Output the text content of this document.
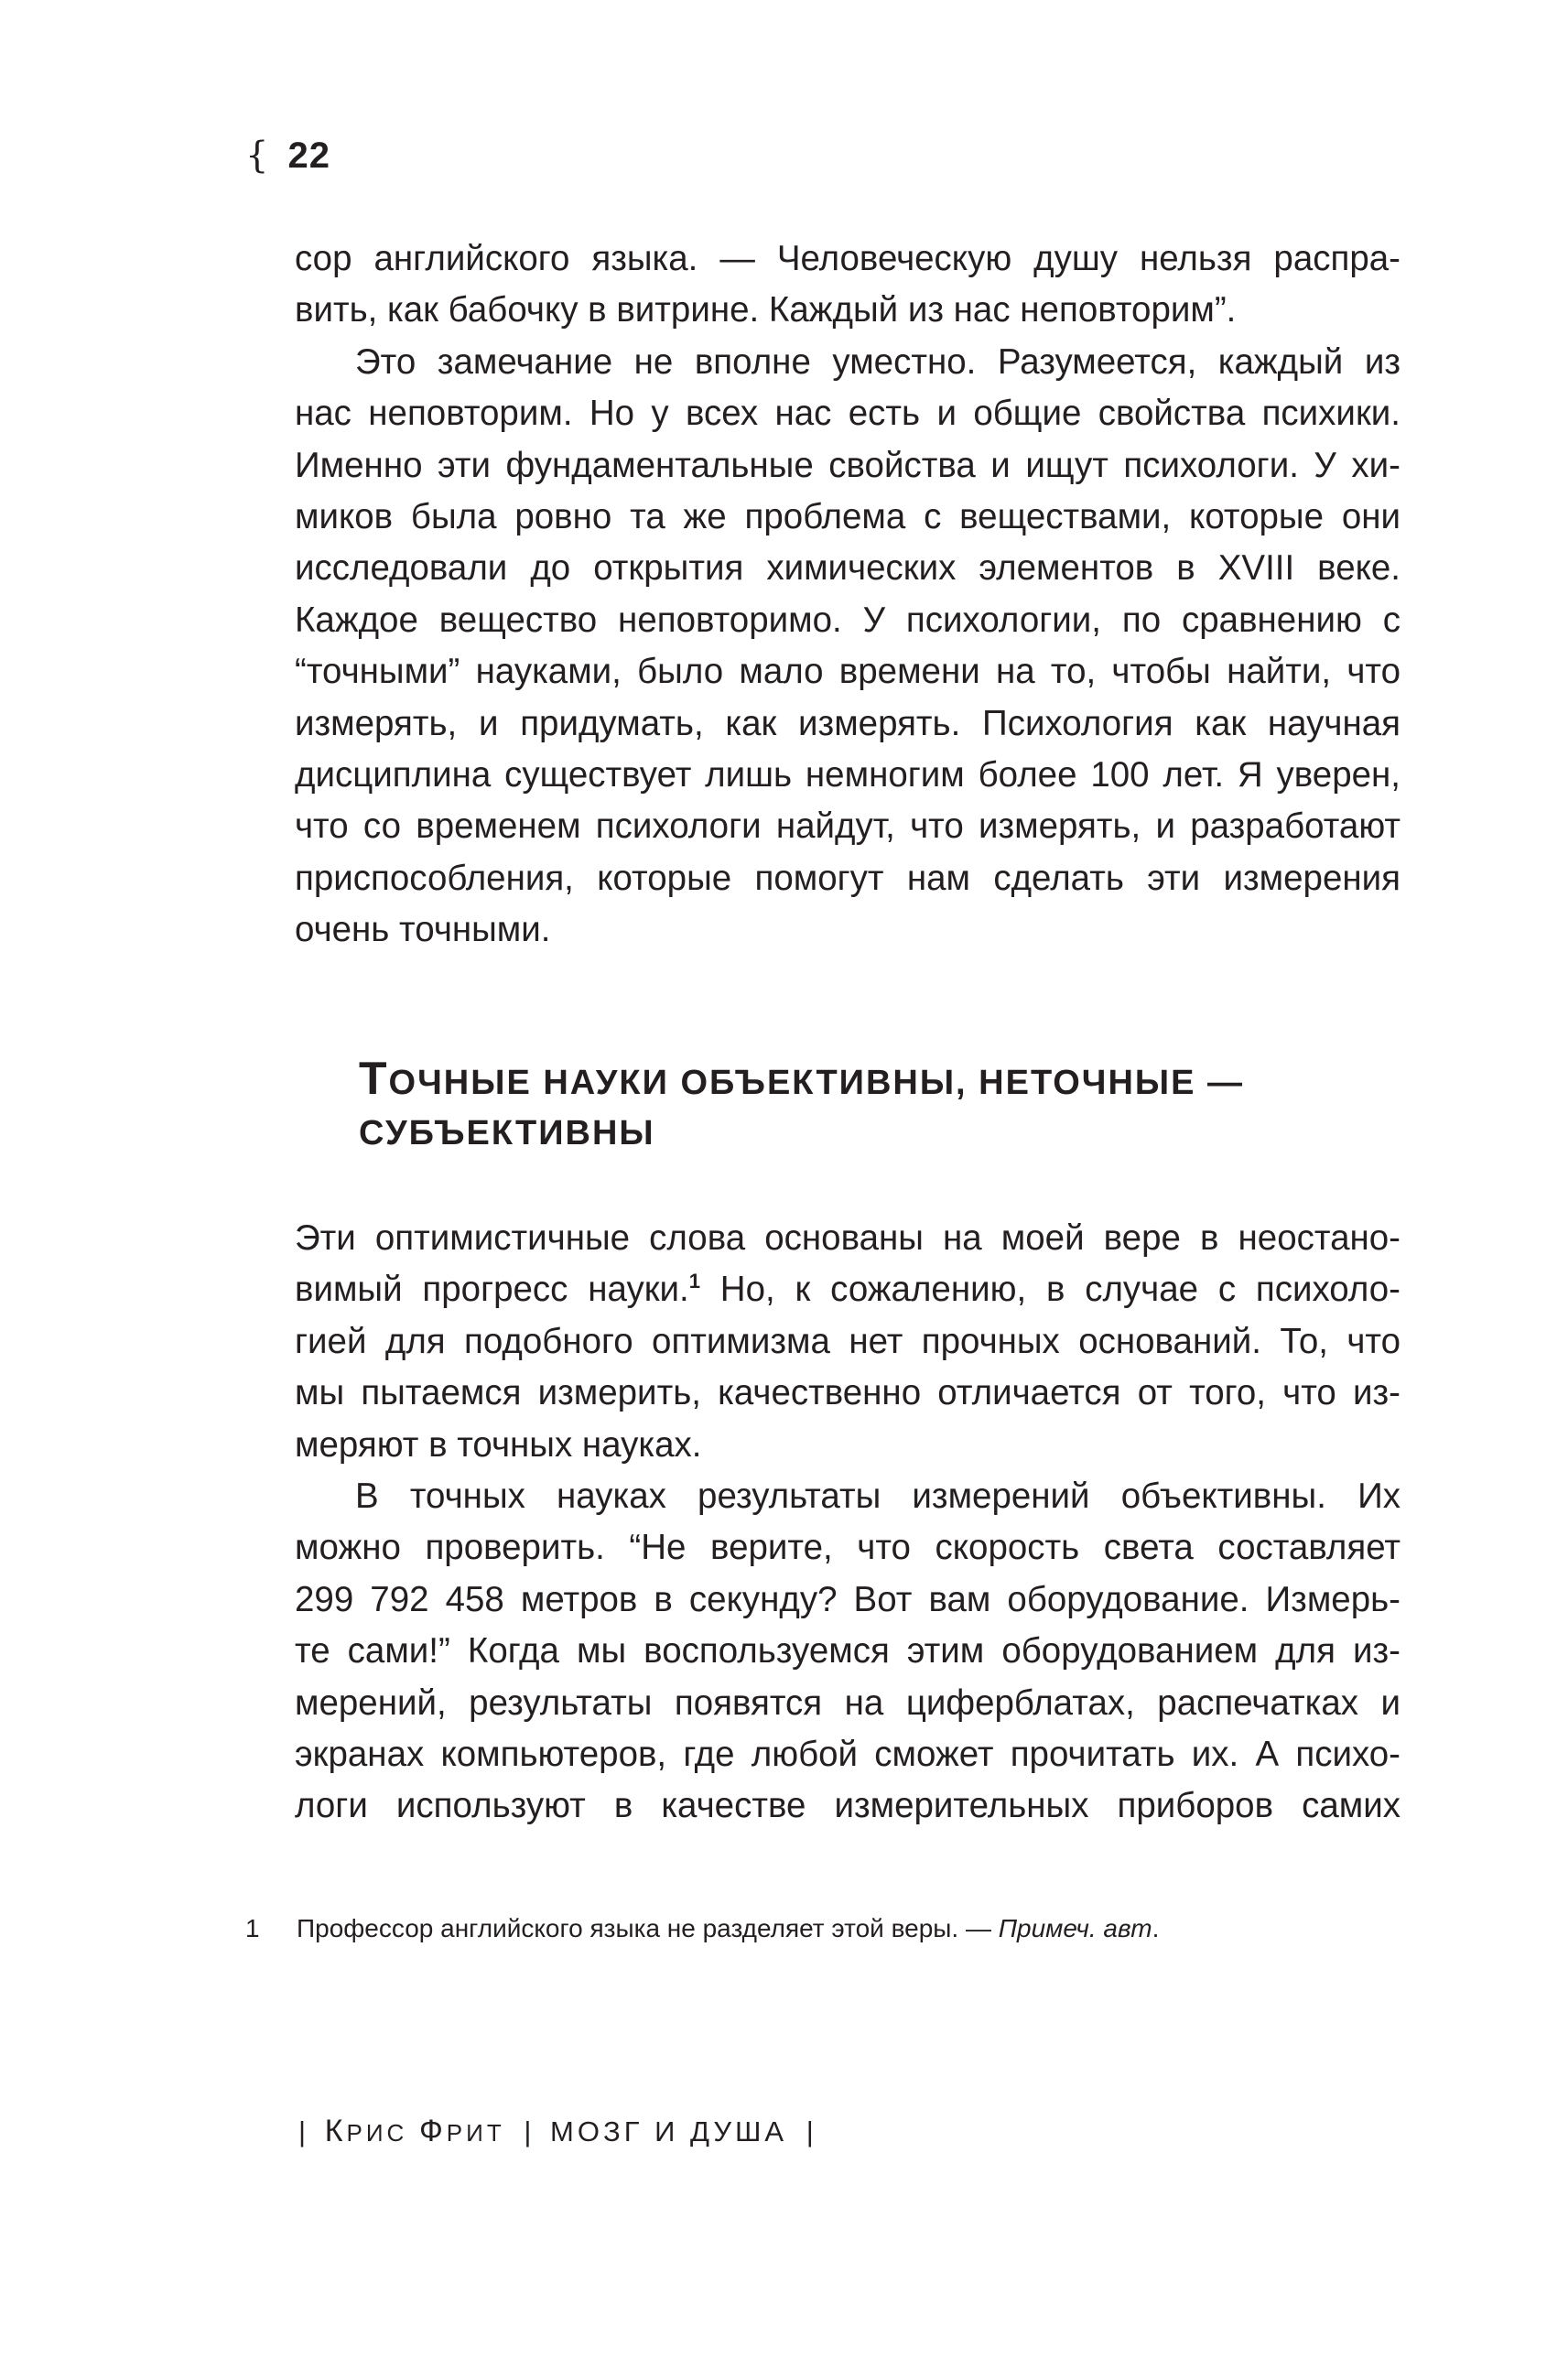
{ 22
сор английского языка. — Человеческую душу нельзя распра-
вить, как бабочку в витрине. Каждый из нас неповторим”.
Это замечание не вполне уместно. Разумеется, каждый из
нас неповторим. Но у всех нас есть и общие свойства психики.
Именно эти фундаментальные свойства и ищут психологи. У хи-
миков была ровно та же проблема с веществами, которые они
исследовали до открытия химических элементов в XVIII веке.
Каждое вещество неповторимо. У психологии, по сравнению с
“точными” науками, было мало времени на то, чтобы найти, что
измерять, и придумать, как измерять. Психология как научная
дисциплина существует лишь немногим более 100 лет. Я уверен,
что со временем психологи найдут, что измерять, и разработают
приспособления, которые помогут нам сделать эти измерения
очень точными.
ТОЧНЫЕ НАУКИ ОБЪЕКТИВНЫ, НЕТОЧНЫЕ —
СУБЪЕКТИВНЫ
Эти оптимистичные слова основаны на моей вере в неостано-
вимый прогресс науки.$^1$ Но, к сожалению, в случае с психоло-
гией для подобного оптимизма нет прочных оснований. То, что
мы пытаемся измерить, качественно отличается от того, что из-
меряют в точных науках.
В точных науках результаты измерений объективны. Их
можно проверить. “Не верите, что скорость света составляет
299 792 458 метров в секунду? Вот вам оборудование. Измерь-
те сами!” Когда мы воспользуемся этим оборудованием для из-
мерений, результаты появятся на циферблатах, распечатках и
экранах компьютеров, где любой сможет прочитать их. А психо-
логи используют в качестве измерительных приборов самих
1 Профессор английского языка не разделяет этой веры. — Примеч. авт.
| КРИС ФРИТ | МОЗГ И ДУША |
